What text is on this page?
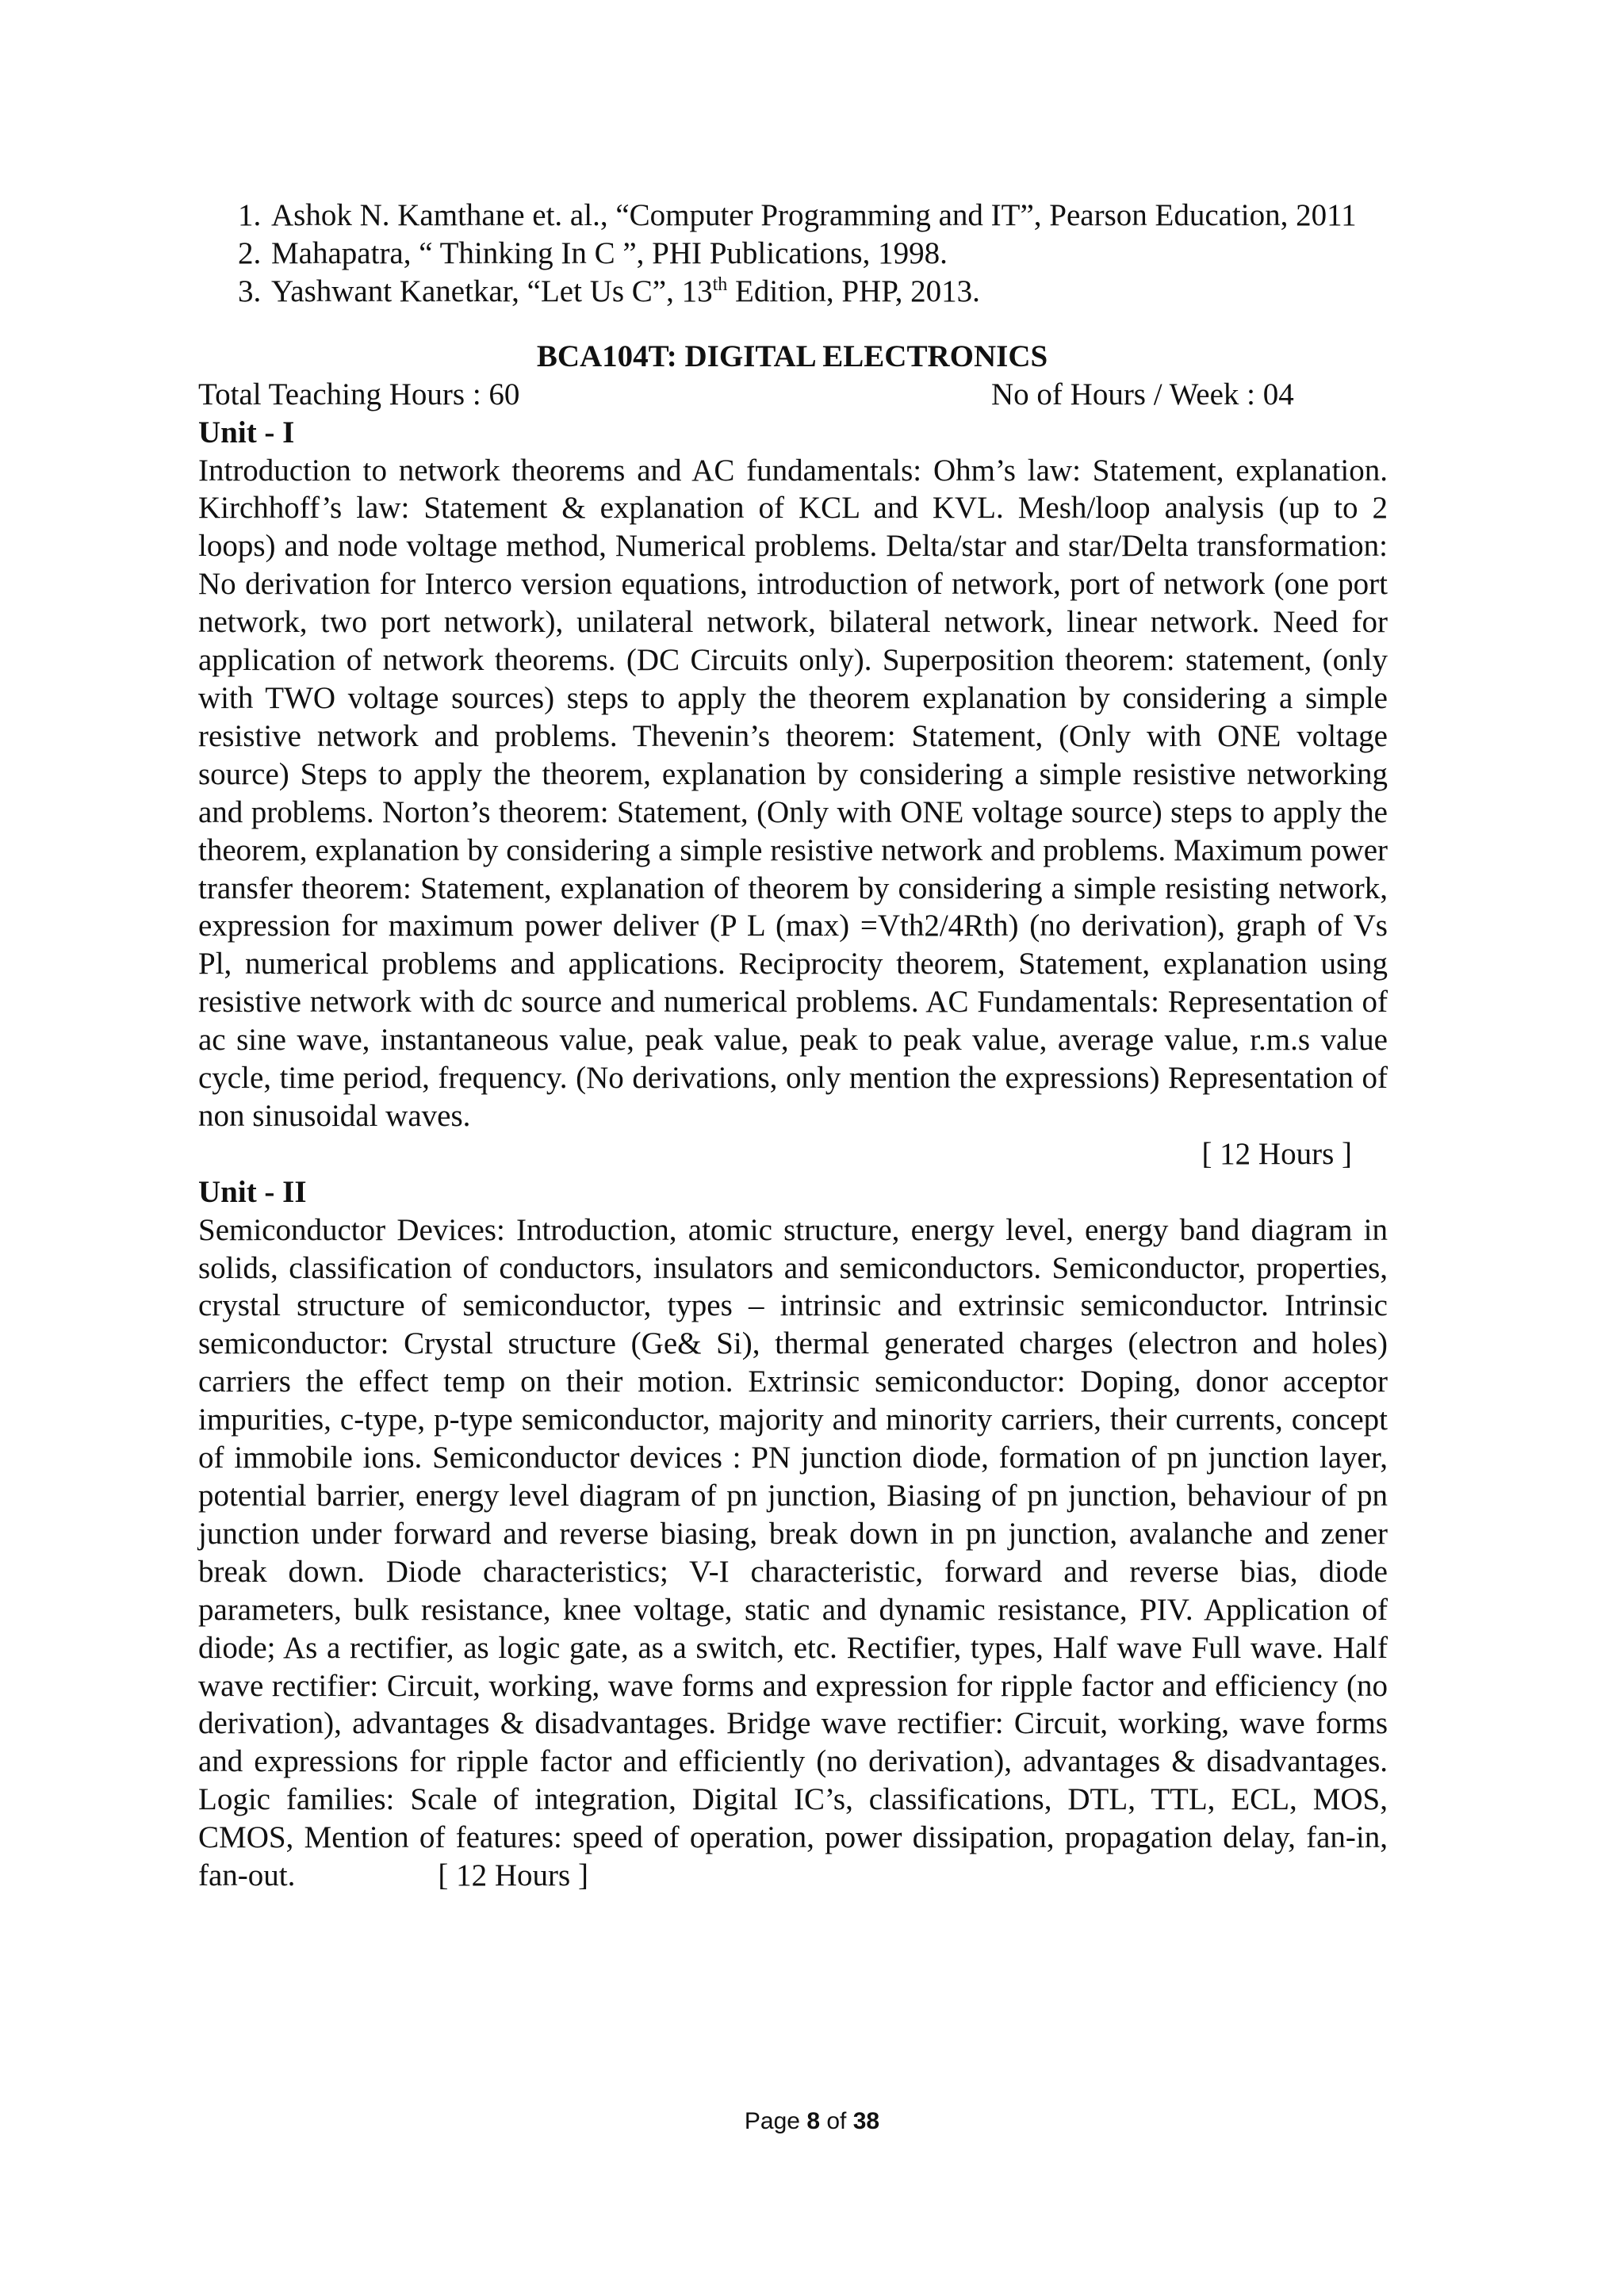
1. Ashok N. Kamthane et. al., “Computer Programming and IT”, Pearson Education, 2011
2. Mahapatra, “ Thinking In C ”, PHI Publications, 1998.
3. Yashwant Kanetkar, “Let Us C”, 13th Edition, PHP, 2013.
BCA104T: DIGITAL ELECTRONICS
Total Teaching Hours : 60	No of Hours / Week : 04
Unit - I

Introduction to network theorems and AC fundamentals: Ohm’s law: Statement, explanation. Kirchhoff’s law: Statement & explanation of KCL and KVL. Mesh/loop analysis (up to 2 loops) and node voltage method, Numerical problems. Delta/star and star/Delta transformation: No derivation for Interco version equations, introduction of network, port of network (one port network, two port network), unilateral network, bilateral network, linear network. Need for application of network theorems. (DC Circuits only). Superposition theorem: statement, (only with TWO voltage sources) steps to apply the theorem explanation by considering a simple resistive network and problems. Thevenin’s theorem: Statement, (Only with ONE voltage source) Steps to apply the theorem, explanation by considering a simple resistive networking and problems. Norton’s theorem: Statement, (Only with ONE voltage source) steps to apply the theorem, explanation by considering a simple resistive network and problems. Maximum power transfer theorem: Statement, explanation of theorem by considering a simple resisting network, expression for maximum power deliver (P L (max) =Vth2/4Rth) (no derivation), graph of Vs Pl, numerical problems and applications. Reciprocity theorem, Statement, explanation using resistive network with dc source and numerical problems. AC Fundamentals: Representation of ac sine wave, instantaneous value, peak value, peak to peak value, average value, r.m.s value cycle, time period, frequency. (No derivations, only mention the expressions) Representation of non sinusoidal waves.

[ 12 Hours ]
Unit - II

Semiconductor Devices: Introduction, atomic structure, energy level, energy band diagram in solids, classification of conductors, insulators and semiconductors. Semiconductor, properties, crystal structure of semiconductor, types – intrinsic and extrinsic semiconductor. Intrinsic semiconductor: Crystal structure (Ge& Si), thermal generated charges (electron and holes) carriers the effect temp on their motion. Extrinsic semiconductor: Doping, donor acceptor impurities, c-type, p-type semiconductor, majority and minority carriers, their currents, concept of immobile ions. Semiconductor devices : PN junction diode, formation of pn junction layer, potential barrier, energy level diagram of pn junction, Biasing of pn junction, behaviour of pn junction under forward and reverse biasing, break down in pn junction, avalanche and zener break down. Diode characteristics; V-I characteristic, forward and reverse bias, diode parameters, bulk resistance, knee voltage, static and dynamic resistance, PIV. Application of diode; As a rectifier, as logic gate, as a switch, etc. Rectifier, types, Half wave Full wave. Half wave rectifier: Circuit, working, wave forms and expression for ripple factor and efficiency (no derivation), advantages & disadvantages. Bridge wave rectifier: Circuit, working, wave forms and expressions for ripple factor and efficiently (no derivation), advantages & disadvantages. Logic families: Scale of integration, Digital IC’s, classifications, DTL, TTL, ECL, MOS, CMOS, Mention of features: speed of operation, power dissipation, propagation delay, fan-in, fan-out.	[ 12 Hours ]

Page 8 of 38
